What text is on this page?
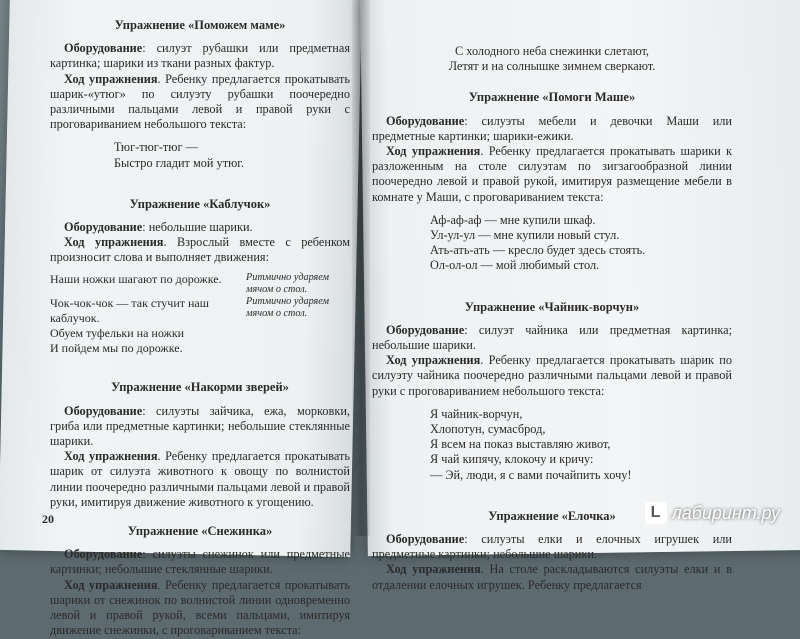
Упражнение «Поможем маме»

Оборудование: силуэт рубашки или предметная картинка; шарики из ткани разных фактур.

Ход упражнения. Ребенку предлагается прокатывать шарик-«утюг» по силуэту рубашки поочередно различными пальцами левой и правой руки с проговариванием небольшого текста:

Тюг-тюг-тюг —
Быстро гладит мой утюг.
Упражнение «Каблучок»

Оборудование: небольшие шарики.

Ход упражнения. Взрослый вместе с ребенком произносит слова и выполняет движения:

Наши ножки шагают по дорожке.	Ритмично ударяем мячом о стол.
Чок-чок-чок — так стучит наш каблучок.
Ритмично ударяем мячом о стол.
Обуем туфельки на ножки
И пойдем мы по дорожке.
Упражнение «Накорми зверей»

Оборудование: силуэты зайчика, ежа, морковки, гриба или предметные картинки; небольшие стеклянные шарики.

Ход упражнения. Ребенку предлагается прокатывать шарик от силуэта животного к овощу по волнистой линии поочередно различными пальцами левой и правой руки, имитируя движение животного к угощению.

Упражнение «Снежинка»

Оборудование: силуэты снежинок или предметные картинки; небольшие стеклянные шарики.

Ход упражнения. Ребенку предлагается прокатывать шарики от снежинок по волнистой линии одновременно левой и правой рукой, всеми пальцами, имитируя движение снежинки, с проговариванием текста:

20
С холодного неба снежинки слетают,
Летят и на солнышке зимнем сверкают.
Упражнение «Помоги Маше»

Оборудование: силуэты мебели и девочки Маши или предметные картинки; шарики-ежики.

Ход упражнения. Ребенку предлагается прокатывать шарики к разложенным на столе силуэтам по зигзагообразной линии поочередно левой и правой рукой, имитируя размещение мебели в комнате у Маши, с проговариванием текста:

Аф-аф-аф — мне купили шкаф.
Ул-ул-ул — мне купили новый стул.
Ать-ать-ать — кресло будет здесь стоять.
Ол-ол-ол — мой любимый стол.
Упражнение «Чайник-ворчун»

Оборудование: силуэт чайника или предметная картинка; небольшие шарики.

Ход упражнения. Ребенку предлагается прокатывать шарик по силуэту чайника поочередно различными пальцами левой и правой руки с проговариванием небольшого текста:

Я чайник-ворчун,
Хлопотун, сумасброд,
Я всем на показ выставляю живот,
Я чай кипячу, клокочу и кричу:
— Эй, люди, я с вами почайпить хочу!
Упражнение «Елочка»

Оборудование: силуэты елки и елочных игрушек или предметные картинки; небольшие шарики.

Ход упражнения. На столе раскладываются силуэты елки и в отдалении елочных игрушек. Ребенку предлагается

L лабиринт.ру
